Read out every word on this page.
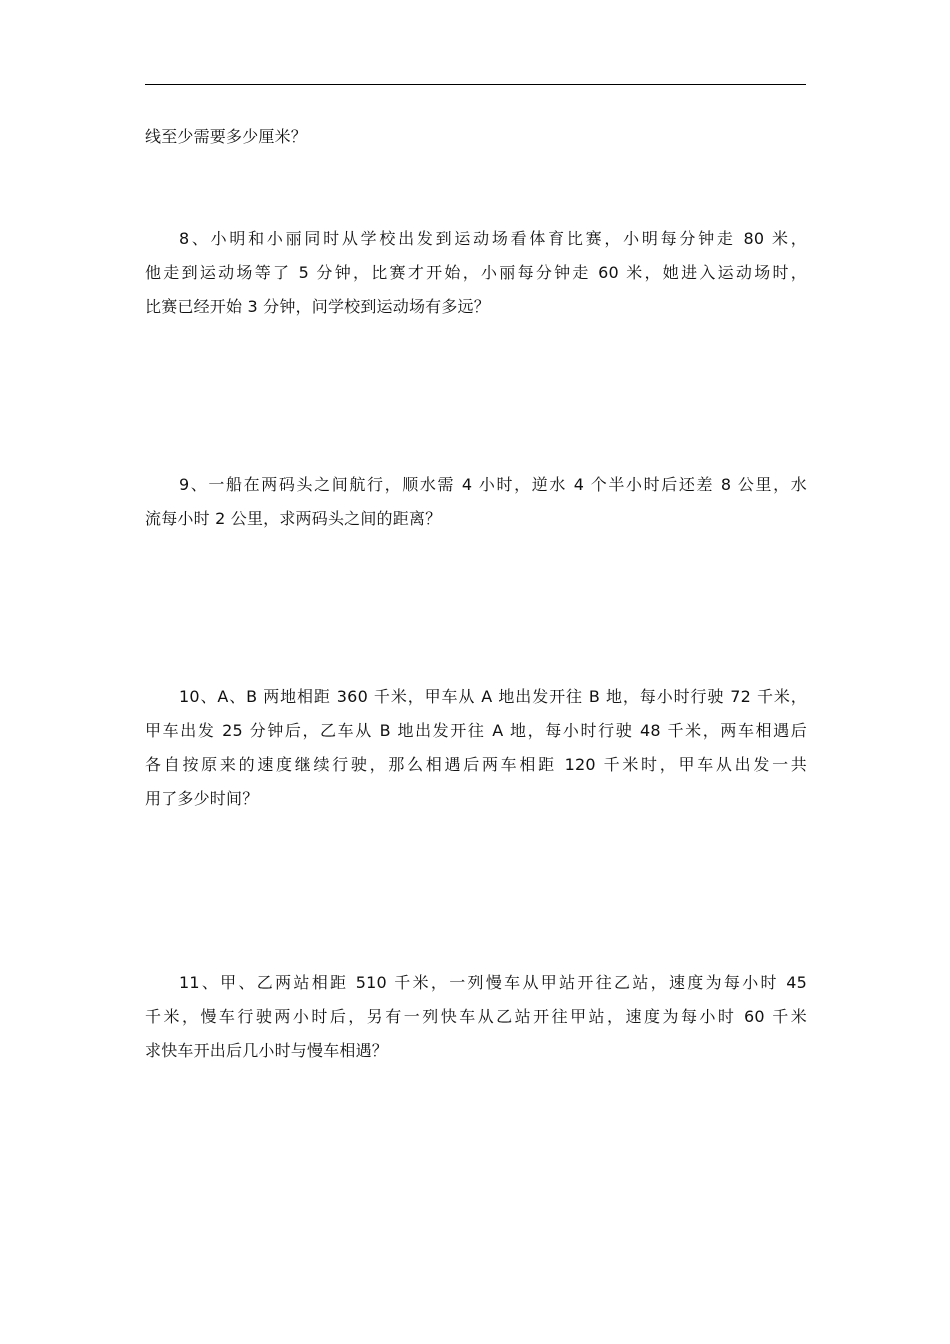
线至少需要多少厘米？
8、小明和小丽同时从学校出发到运动场看体育比赛，小明每分钟走 80 米，
他走到运动场等了 5 分钟，比赛才开始，小丽每分钟走 60 米，她进入运动场时，
比赛已经开始 3 分钟，问学校到运动场有多远？
9、一船在两码头之间航行，顺水需 4 小时，逆水 4 个半小时后还差 8 公里，水
流每小时 2 公里，求两码头之间的距离？
10、A、B 两地相距 360 千米，甲车从 A 地出发开往 B 地，每小时行驶 72 千米，
甲车出发 25 分钟后，乙车从 B 地出发开往 A 地，每小时行驶 48 千米，两车相遇后
各自按原来的速度继续行驶，那么相遇后两车相距 120 千米时，甲车从出发一共
用了多少时间？
11、甲、乙两站相距 510 千米，一列慢车从甲站开往乙站，速度为每小时 45
千米，慢车行驶两小时后，另有一列快车从乙站开往甲站，速度为每小时 60 千米
求快车开出后几小时与慢车相遇？
